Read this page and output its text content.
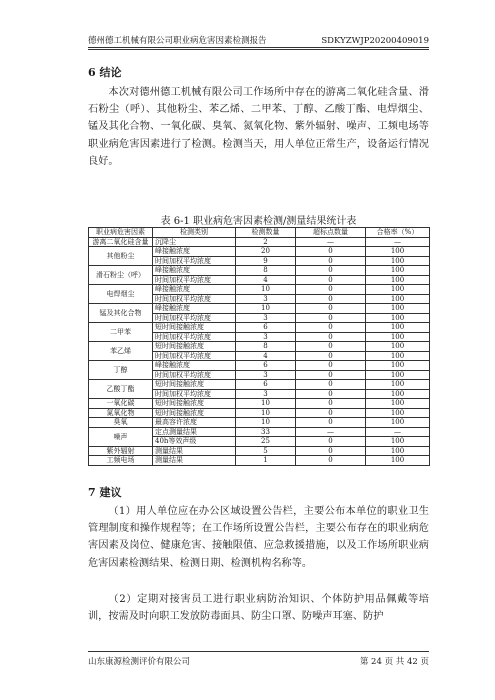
德州德工机械有限公司职业病危害因素检测报告	SDKYZWJP20200409019
6 结论
本次对德州德工机械有限公司工作场所中存在的游离二氧化硅含量、滑石粉尘（呼）、其他粉尘、苯乙烯、二甲苯、丁醇、乙酸丁酯、电焊烟尘、锰及其化合物、一氧化碳、臭氧、氮氧化物、紫外辐射、噪声、工频电场等职业病危害因素进行了检测。检测当天，用人单位正常生产，设备运行情况良好。
表 6-1 职业病危害因素检测/测量结果统计表
职业病危害因素	检测类别	检测数量	超标点数量	合格率（%）
游离二氧化硅含量	沉降尘	2	—	—
其他粉尘	峰接触浓度	20	0	100
	时间加权平均浓度	9	0	100
滑石粉尘（呼）	峰接触浓度	8	0	100
	时间加权平均浓度	4	0	100
电焊烟尘	峰接触浓度	10	0	100
	时间加权平均浓度	3	0	100
锰及其化合物	峰接触浓度	10	0	100
	时间加权平均浓度	3	0	100
二甲苯	短时间接触浓度	6	0	100
	时间加权平均浓度	3	0	100
苯乙烯	短时间接触浓度	8	0	100
	时间加权平均浓度	4	0	100
丁醇	峰接触浓度	6	0	100
	时间加权平均浓度	3	0	100
乙酸丁酯	短时间接触浓度	6	0	100
	时间加权平均浓度	3	0	100
一氧化碳	短时间接触浓度	10	0	100
氮氧化物	短时间接触浓度	10	0	100
臭氧	最高容许浓度	10	0	100
噪声	定点测量结果	33	—	—
	40h等效声级	25	0	100
紫外辐射	测量结果	5	0	100
工频电场	测量结果	1	0	100
7 建议
（1）用人单位应在办公区域设置公告栏，主要公布本单位的职业卫生管理制度和操作规程等；在工作场所设置公告栏，主要公布存在的职业病危害因素及岗位、健康危害、接触限值、应急救援措施，以及工作场所职业病危害因素检测结果、检测日期、检测机构名称等。
（2）定期对接害员工进行职业病防治知识、个体防护用品佩戴等培训，按需及时向职工发放防毒面具、防尘口罩、防噪声耳塞、防护
山东康源检测评价有限公司	第 24 页 共 42 页
